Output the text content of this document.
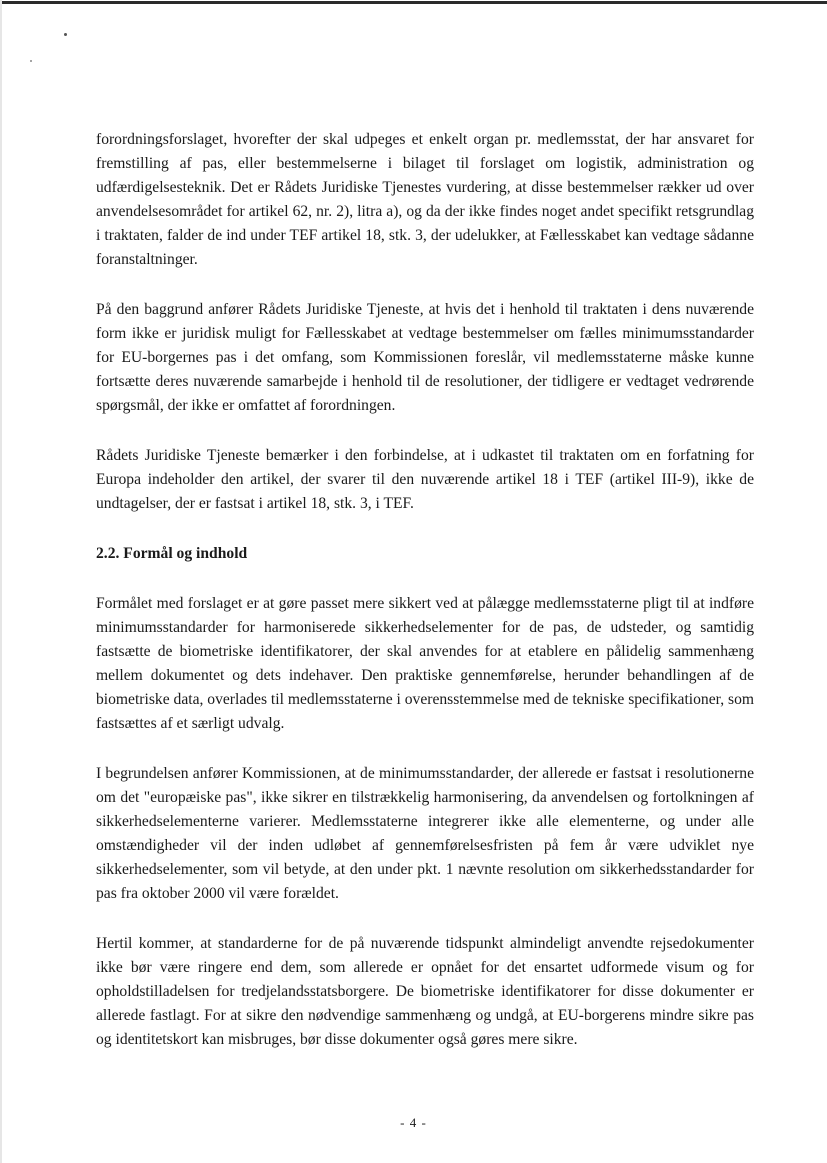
forordningsforslaget, hvorefter der skal udpeges et enkelt organ pr. medlemsstat, der har ansvaret for fremstilling af pas, eller bestemmelserne i bilaget til forslaget om logistik, administration og udfærdigelsesteknik. Det er Rådets Juridiske Tjenestes vurdering, at disse bestemmelser rækker ud over anvendelsesområdet for artikel 62, nr. 2), litra a), og da der ikke findes noget andet specifikt retsgrundlag i traktaten, falder de ind under TEF artikel 18, stk. 3, der udelukker, at Fællesskabet kan vedtage sådanne foranstaltninger.

På den baggrund anfører Rådets Juridiske Tjeneste, at hvis det i henhold til traktaten i dens nuværende form ikke er juridisk muligt for Fællesskabet at vedtage bestemmelser om fælles minimumsstandarder for EU-borgernes pas i det omfang, som Kommissionen foreslår, vil medlemsstaterne måske kunne fortsætte deres nuværende samarbejde i henhold til de resolutioner, der tidligere er vedtaget vedrørende spørgsmål, der ikke er omfattet af forordningen.

Rådets Juridiske Tjeneste bemærker i den forbindelse, at i udkastet til traktaten om en forfatning for Europa indeholder den artikel, der svarer til den nuværende artikel 18 i TEF (artikel III-9), ikke de undtagelser, der er fastsat i artikel 18, stk. 3, i TEF.

2.2. Formål og indhold

Formålet med forslaget er at gøre passet mere sikkert ved at pålægge medlemsstaterne pligt til at indføre minimumsstandarder for harmoniserede sikkerhedselementer for de pas, de udsteder, og samtidig fastsætte de biometriske identifikatorer, der skal anvendes for at etablere en pålidelig sammenhæng mellem dokumentet og dets indehaver. Den praktiske gennemførelse, herunder behandlingen af de biometriske data, overlades til medlemsstaterne i overensstemmelse med de tekniske specifikationer, som fastsættes af et særligt udvalg.

I begrundelsen anfører Kommissionen, at de minimumsstandarder, der allerede er fastsat i resolutionerne om det "europæiske pas", ikke sikrer en tilstrækkelig harmonisering, da anvendelsen og fortolkningen af sikkerhedselementerne varierer. Medlemsstaterne integrerer ikke alle elementerne, og under alle omstændigheder vil der inden udløbet af gennemførelsesfristen på fem år være udviklet nye sikkerhedselementer, som vil betyde, at den under pkt. 1 nævnte resolution om sikkerhedsstandarder for pas fra oktober 2000 vil være forældet.

Hertil kommer, at standarderne for de på nuværende tidspunkt almindeligt anvendte rejsedokumenter ikke bør være ringere end dem, som allerede er opnået for det ensartet udformede visum og for opholdstilladelsen for tredjelandsstatsborgere. De biometriske identifikatorer for disse dokumenter er allerede fastlagt. For at sikre den nødvendige sammenhæng og undgå, at EU-borgerens mindre sikre pas og identitetskort kan misbruges, bør disse dokumenter også gøres mere sikre.

- 4 -
